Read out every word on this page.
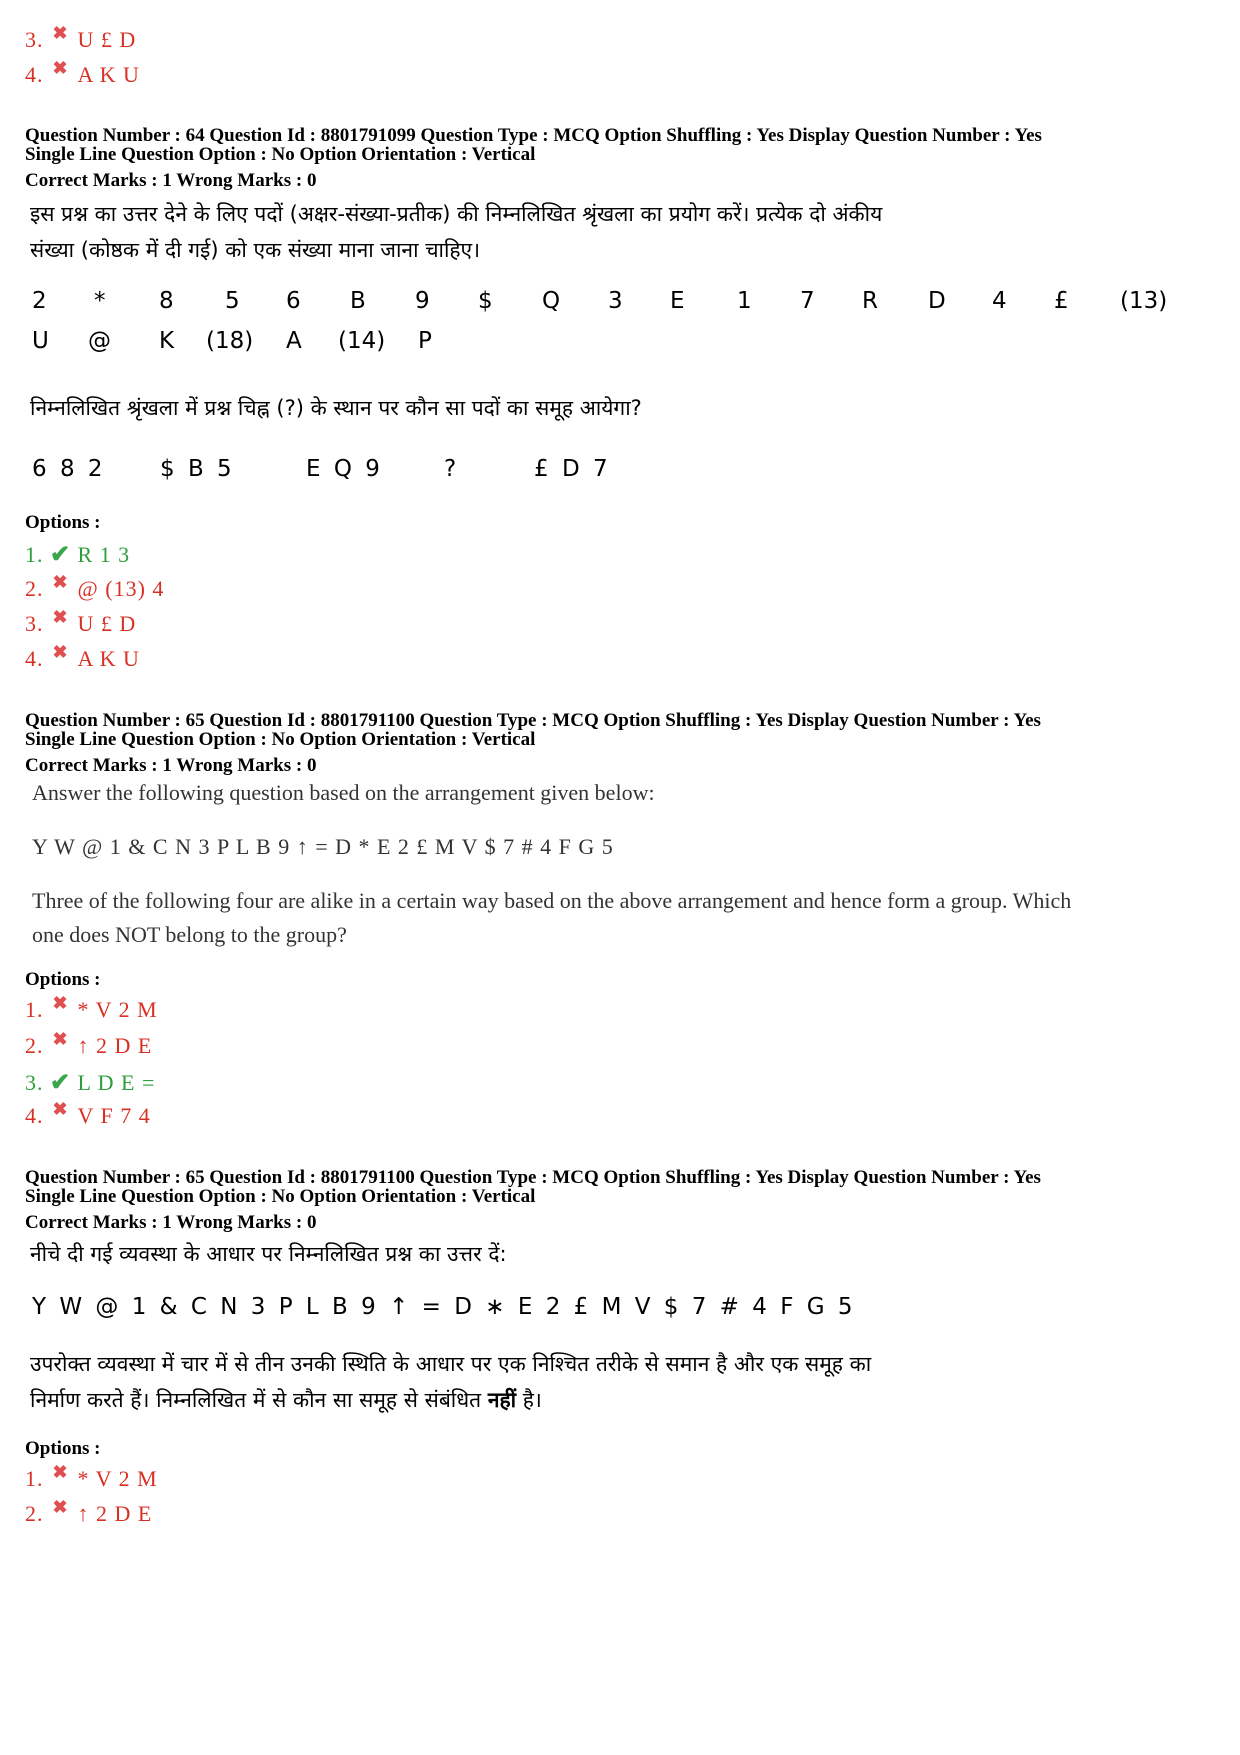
3. ✖ U £ D
4. ✖ A K U
Question Number : 64 Question Id : 8801791099 Question Type : MCQ Option Shuffling : Yes Display Question Number : Yes
Single Line Question Option : No Option Orientation : Vertical
Correct Marks : 1 Wrong Marks : 0
इस प्रश्न का उत्तर देने के लिए पदों (अक्षर-संख्या-प्रतीक) की निम्नलिखित श्रृंखला का प्रयोग करें। प्रत्येक दो अंकीय
संख्या (कोष्ठक में दी गई) को एक संख्या माना जाना चाहिए।
2 * 8 5 6 B 9 $ Q 3 E 1 7 R D 4 £ (13)
U @ K (18) A (14) P
निम्नलिखित श्रृंखला में प्रश्न चिह्न (?) के स्थान पर कौन सा पदों का समूह आयेगा?
6 8 2 $ B 5	E Q 9	?	£ D 7
Options :
1. ✔ R 1 3
2. ✖ @ (13) 4
3. ✖ U £ D
4. ✖ A K U
Question Number : 65 Question Id : 8801791100 Question Type : MCQ Option Shuffling : Yes Display Question Number : Yes
Single Line Question Option : No Option Orientation : Vertical
Correct Marks : 1 Wrong Marks : 0
Answer the following question based on the arrangement given below:
Y W @ 1 & C N 3 P L B 9 ↑ = D * E 2 £ M V $ 7 # 4 F G 5
Three of the following four are alike in a certain way based on the above arrangement and hence form a group. Which
one does NOT belong to the group?
Options :
1. ✖ * V 2 M
2. ✖ ↑ 2 D E
3. ✔ L D E =
4. ✖ V F 7 4
Question Number : 65 Question Id : 8801791100 Question Type : MCQ Option Shuffling : Yes Display Question Number : Yes
Single Line Question Option : No Option Orientation : Vertical
Correct Marks : 1 Wrong Marks : 0
नीचे दी गई व्यवस्था के आधार पर निम्नलिखित प्रश्न का उत्तर दें:
Y W @ 1 & C N 3 P L B 9 ↑ = D ∗ E 2 £ M V $ 7 # 4 F G 5
उपरोक्त व्यवस्था में चार में से तीन उनकी स्थिति के आधार पर एक निश्चित तरीके से समान है और एक समूह का
निर्माण करते हैं। निम्नलिखित में से कौन सा समूह से संबंधित नहीं है।
Options :
1. ✖ * V 2 M
2. ✖ ↑ 2 D E
